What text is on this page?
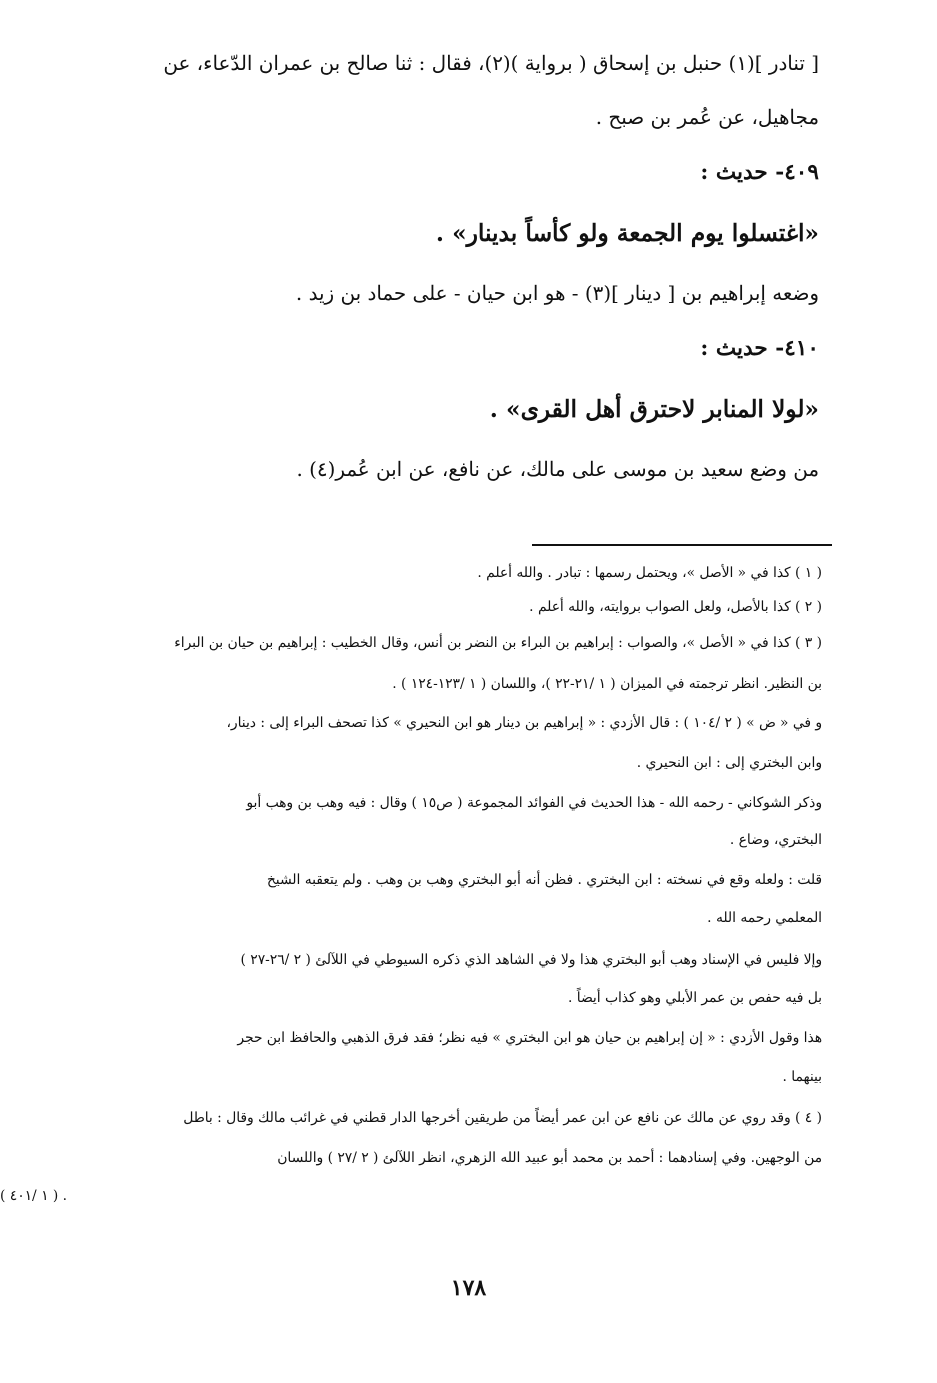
[ تنادر ](١) حنبل بن إسحاق ( برواية )(٢)، فقال : ثنا صالح بن عمران الدّعاء، عن
مجاهيل، عن عُمر بن صبح .
٤٠٩- حديث :
«اغتسلوا يوم الجمعة ولو كأساً بدينار» .
وضعه إبراهيم بن [ دينار ](٣) - هو ابن حيان - على حماد بن زيد .
٤١٠- حديث :
«لولا المنابر لاحترق أهل القرى» .
من وضع سعيد بن موسى على مالك، عن نافع، عن ابن عُمر(٤) .
( ١ ) كذا في « الأصل »، ويحتمل رسمها : تبادر . والله أعلم .
( ٢ ) كذا بالأصل، ولعل الصواب بروايته، والله أعلم .
( ٣ ) كذا في « الأصل »، والصواب : إبراهيم بن البراء بن النضر بن أنس، وقال الخطيب : إبراهيم بن حيان بن البراء
بن النظير. انظر ترجمته في الميزان ( ١ /٢١-٢٢ )، واللسان ( ١ /١٢٣-١٢٤ ) .
و في « ض » ( ٢ /١٠٤ ) : قال الأزدي : « إبراهيم بن دينار هو ابن النحيري » كذا تصحف البراء إلى : دينار،
وابن البختري إلى : ابن النحيري .
وذكر الشوكاني - رحمه الله - هذا الحديث في الفوائد المجموعة ( ص١٥ ) وقال : فيه وهب بن وهب أبو
البختري، وضاع .
قلت : ولعله وقع في نسخته : ابن البختري . فظن أنه أبو البختري وهب بن وهب . ولم يتعقبه الشيخ
المعلمي رحمه الله .
وإلا فليس في الإسناد وهب أبو البختري هذا ولا في الشاهد الذي ذكره السيوطي في اللآلئ ( ٢ /٢٦-٢٧ )
بل فيه حفص بن عمر الأبلي وهو كذاب أيضاً .
هذا وقول الأزدي : « إن إبراهيم بن حيان هو ابن البختري » فيه نظر؛ فقد فرق الذهبي والحافظ ابن حجر
بينهما .
( ٤ ) وقد روي عن مالك عن نافع عن ابن عمر أيضاً من طريقين أخرجها الدار قطني في غرائب مالك وقال : باطل
من الوجهين. وفي إسنادهما : أحمد بن محمد أبو عبيد الله الزهري، انظر اللآلئ ( ٢ /٢٧ ) واللسان
( ١ /٤٠١ ) .
١٧٨
